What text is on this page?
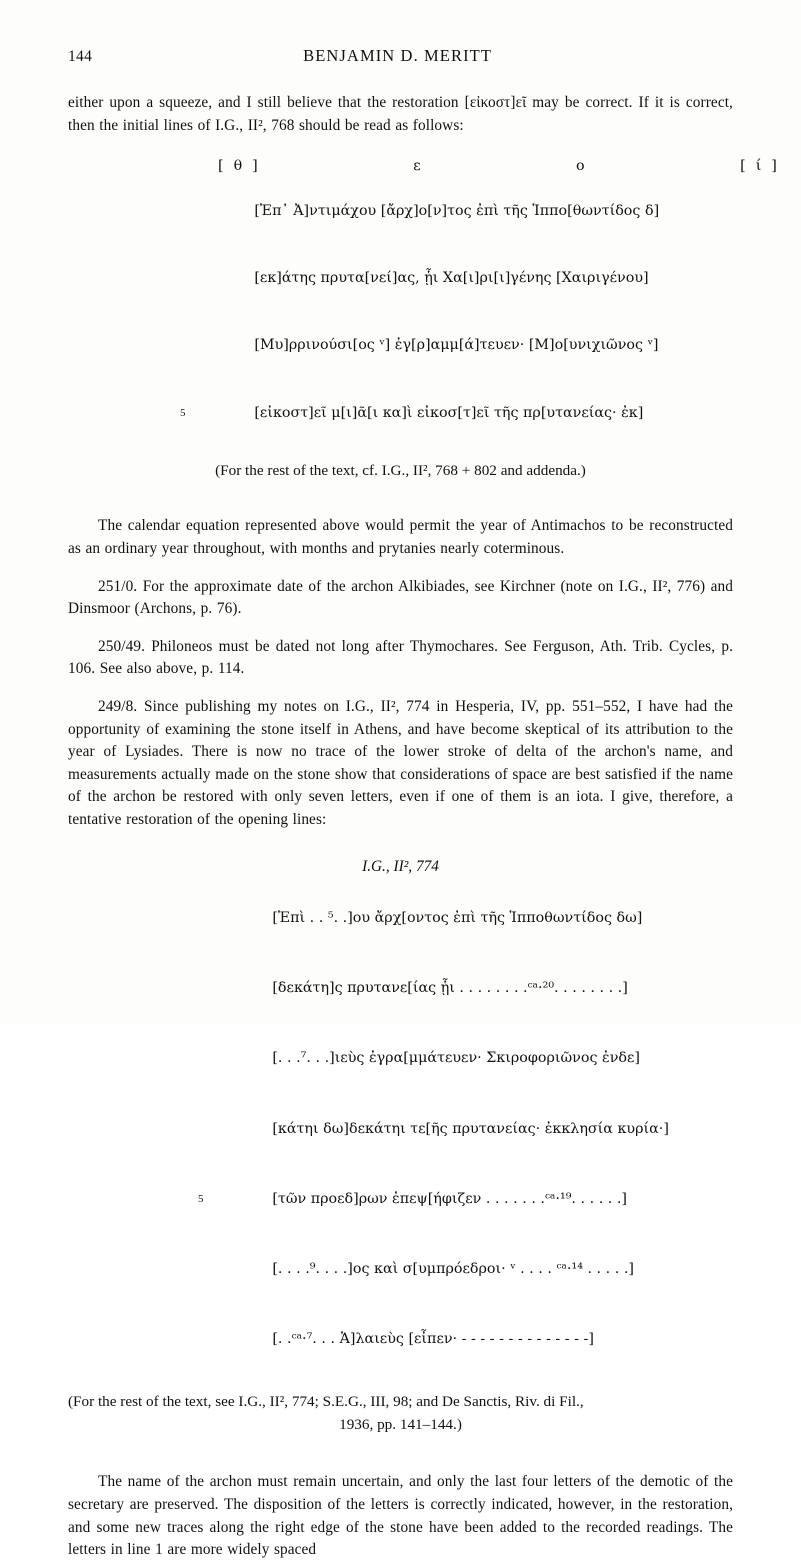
144	BENJAMIN D. MERITT

either upon a squeeze, and I still believe that the restoration [εἰκοστ]εῖ may be correct. If it is correct, then the initial lines of I.G., II², 768 should be read as follows:

[θ]          ε          ο          [ί]

[Ἐπ᾽ Ἀ]ντιμάχου [ἄρχ]ο[ν]τος ἐπὶ τῆς Ἱππο[θωντίδος δ]

[εκ]άτης πρυτα[νεί]ας, ᾗι Χα[ι]ρι[ι]γένης [Χαιριγένου]

[Μυ]ρρινούσι[ος ᵛ] ἐγ[ρ]αμμ[ά]τευεν· [Μ]ο[υνιχιῶνος ᵛ]

5	[εἰκοστ]εῖ μ[ι]ᾶ[ι κα]ὶ εἰκοσ[τ]εῖ τῆς πρ[υτανείας· ἐκ]

(For the rest of the text, cf. I.G., II², 768 + 802 and addenda.)

The calendar equation represented above would permit the year of Antimachos to be reconstructed as an ordinary year throughout, with months and prytanies nearly coterminous.

251/0. For the approximate date of the archon Alkibiades, see Kirchner (note on I.G., II², 776) and Dinsmoor (Archons, p. 76).

250/49. Philoneos must be dated not long after Thymochares. See Ferguson, Ath. Trib. Cycles, p. 106. See also above, p. 114.

249/8. Since publishing my notes on I.G., II², 774 in Hesperia, IV, pp. 551–552, I have had the opportunity of examining the stone itself in Athens, and have become skeptical of its attribution to the year of Lysiades. There is now no trace of the lower stroke of delta of the archon's name, and measurements actually made on the stone show that considerations of space are best satisfied if the name of the archon be restored with only seven letters, even if one of them is an iota. I give, therefore, a tentative restoration of the opening lines:

I.G., II², 774

[Ἐπὶ . . ⁵. .]ου ἄρχ[οντος ἐπὶ τῆς Ἱπποθωντίδος δω]

[δεκάτη]ς πρυτανε[ίας ᾗι . . . . . . . .ᶜᵃ·²⁰. . . . . . . .]

[. . .⁷. . .]ιεὺς ἐγρα[μμάτευεν· Σκιροφοριῶνος ἐνδε]

[κάτηι δω]δεκάτηι τε[ῆς πρυτανείας· ἐκκλησία κυρία·]

5	[τῶν προεδ]ρων ἐπεψ[ήφιζεν . . . . . . .ᶜᵃ·¹⁹. . . . . .]

[. . . .⁹. . . .]ος καὶ σ[υμπρόεδροι· ᵛ . . . . ᶜᵃ·¹⁴ . . . . .]

[. .ᶜᵃ·⁷. . . Ἁ]λαιεὺς [εἶπεν· - - - - - - - - - - - - - -]

(For the rest of the text, see I.G., II², 774; S.E.G., III, 98; and De Sanctis, Riv. di Fil.,
1936, pp. 141–144.)

The name of the archon must remain uncertain, and only the last four letters of the demotic of the secretary are preserved. The disposition of the letters is correctly indicated, however, in the restoration, and some new traces along the right edge of the stone have been added to the recorded readings. The letters in line 1 are more widely spaced
